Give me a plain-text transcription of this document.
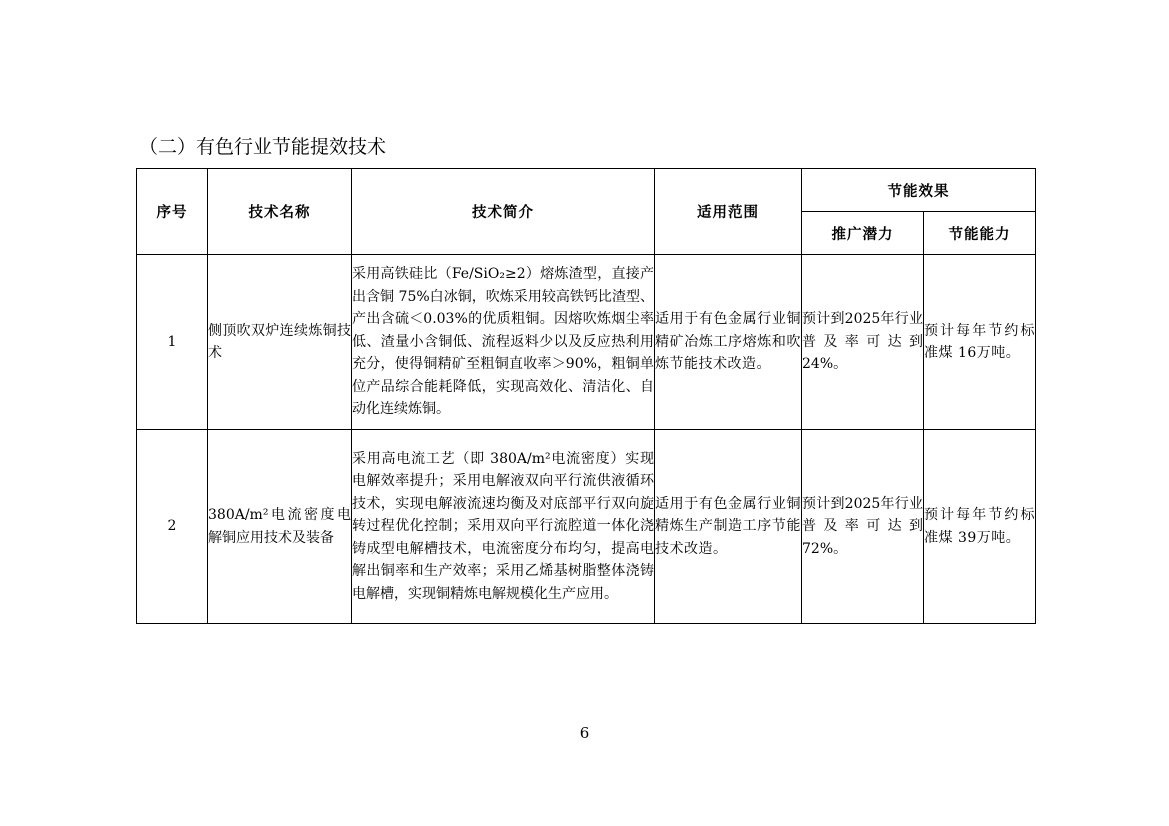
（二）有色行业节能提效技术
序号	技术名称	技术简介	适用范围	节能效果	
				推广潜力	节能能力
1	侧顶吹双炉连续炼铜技术	采用高铁硅比（Fe/SiO₂≥2）熔炼渣型，直接产出含铜 75%白冰铜，吹炼采用较高铁钙比渣型、产出含硫＜0.03%的优质粗铜。因熔吹炼烟尘率低、渣量小含铜低、流程返料少以及反应热利用充分，使得铜精矿至粗铜直收率＞90%，粗铜单位产品综合能耗降低，实现高效化、清洁化、自动化连续炼铜。	适用于有色金属行业铜精矿冶炼工序熔炼和吹炼节能技术改造。	预计到2025年行业普及率可达到24%。	预计每年节约标准煤 16万吨。
2	380A/m²电流密度电解铜应用技术及装备	采用高电流工艺（即 380A/m²电流密度）实现电解效率提升；采用电解液双向平行流供液循环技术，实现电解液流速均衡及对底部平行双向旋转过程优化控制；采用双向平行流腔道一体化浇铸成型电解槽技术，电流密度分布均匀，提高电解出铜率和生产效率；采用乙烯基树脂整体浇铸电解槽，实现铜精炼电解规模化生产应用。	适用于有色金属行业铜精炼生产制造工序节能技术改造。	预计到2025年行业普及率可达到72%。	预计每年节约标准煤 39万吨。
6
